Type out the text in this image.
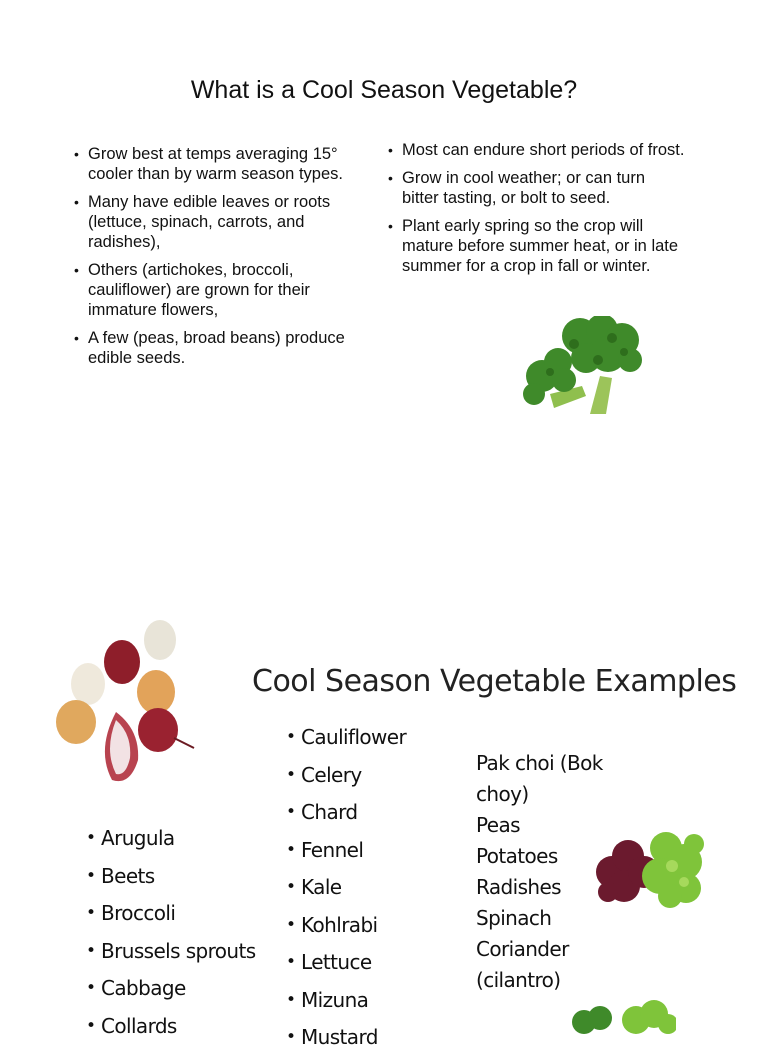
What is a Cool Season Vegetable?
• Grow best at temps averaging 15° cooler than by warm season types.
• Many have edible leaves or roots (lettuce, spinach, carrots, and radishes),
• Others (artichokes, broccoli, cauliflower) are grown for their immature flowers,
• A few (peas, broad beans) produce edible seeds.
• Most can endure short periods of frost.
• Grow in cool weather; or can turn bitter tasting, or bolt to seed.
• Plant early spring so the crop will mature before summer heat, or in late summer for a crop in fall or winter.
Cool Season Vegetable Examples
• Arugula
• Beets
• Broccoli
• Brussels sprouts
• Cabbage
• Collards
• Cauliflower
• Celery
• Chard
• Fennel
• Kale
• Kohlrabi
• Lettuce
• Mizuna
• Mustard
Pak choi (Bok choy)
Peas
Potatoes
Radishes
Spinach
Coriander (cilantro)
